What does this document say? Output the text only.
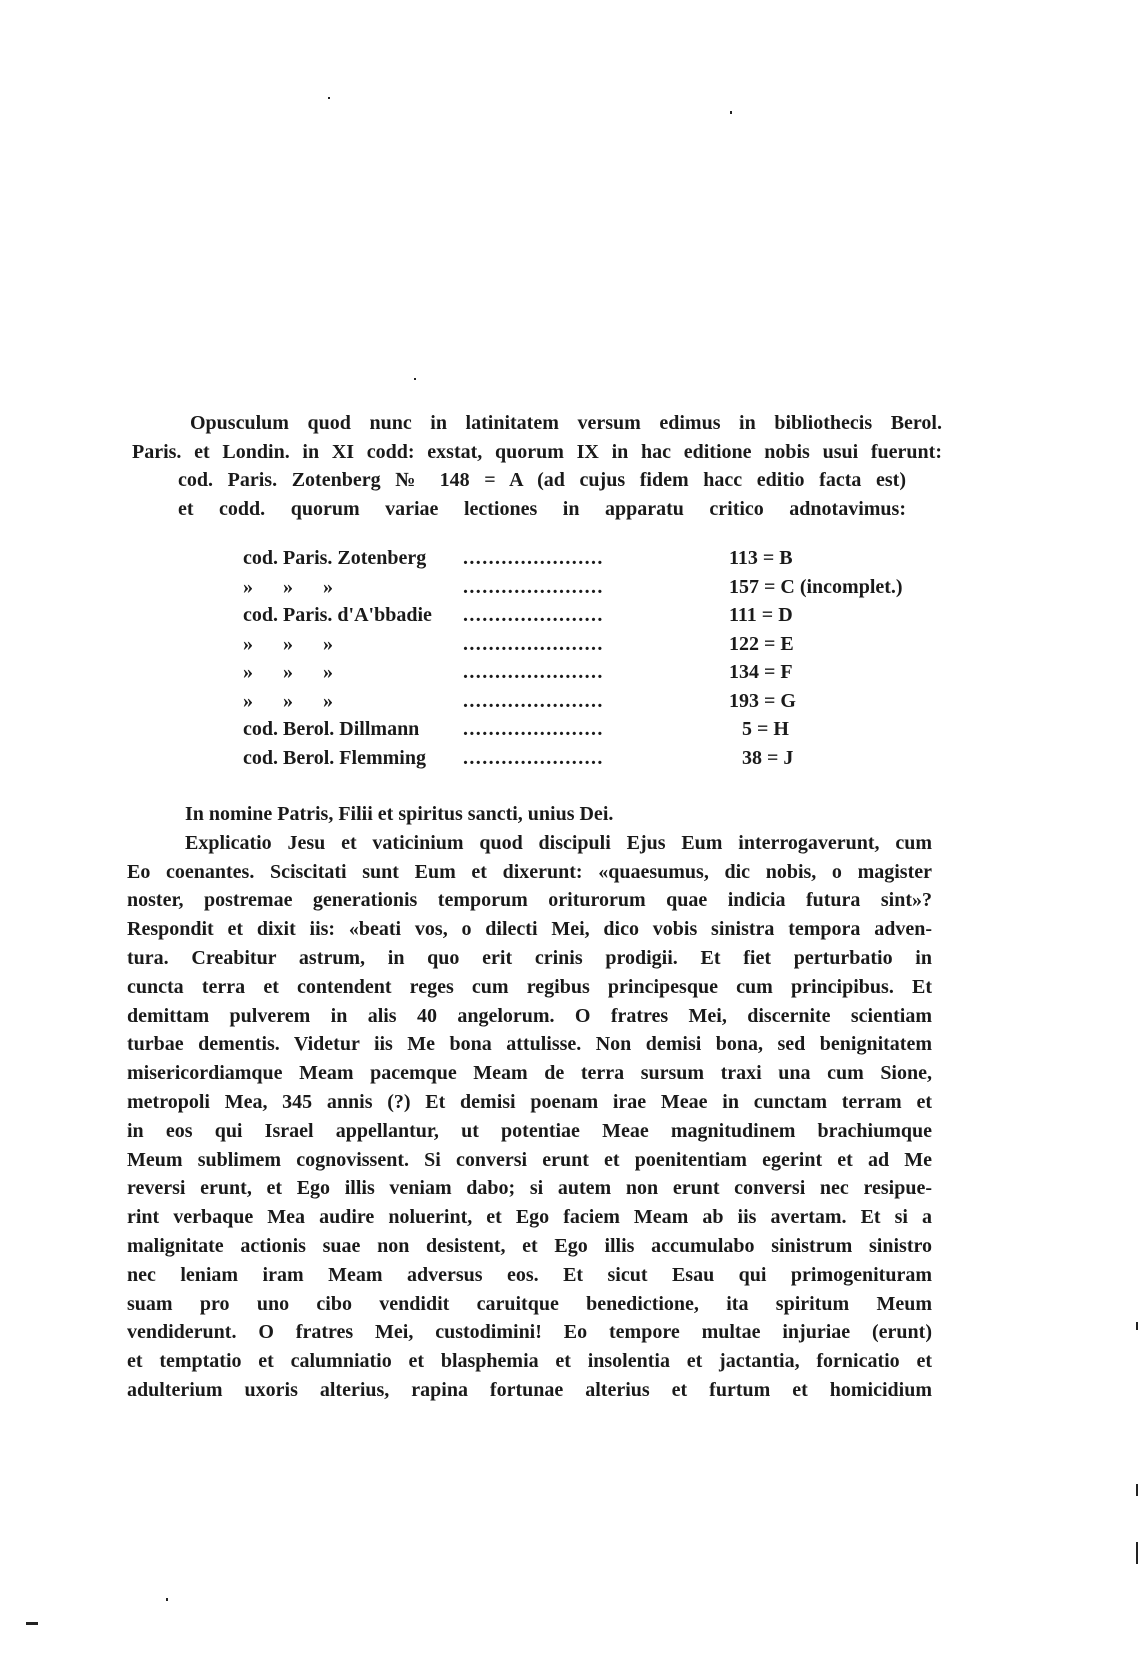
Opusculum quod nunc in latinitatem versum edimus in bibliothecis Berol.
Paris. et Londin. in XI codd: exstat, quorum IX in hac editione nobis usui fuerunt:
cod. Paris. Zotenberg № 148 = A (ad cujus fidem hacc editio facta est)
et codd. quorum variae lectiones in apparatu critico adnotavimus:
cod. Paris. Zotenberg ......................	113 = B
»      »      »	......................	157 = C (incomplet.)
cod. Paris. d'A'bbadie ......................	111 = D
»      »      »	......................	122 = E
»      »      »	......................	134 = F
»      »      »	......................	193 = G
cod. Berol. Dillmann ......................	5 = H
cod. Berol. Flemming ......................	38 = J
In nomine Patris, Filii et spiritus sancti, unius Dei.
Explicatio Jesu et vaticinium quod discipuli Ejus Eum interrogaverunt, cum
Eo coenantes. Sciscitati sunt Eum et dixerunt: «quaesumus, dic nobis, o magister
noster, postremae generationis temporum oriturorum quae indicia futura sint»?
Respondit et dixit iis: «beati vos, o dilecti Mei, dico vobis sinistra tempora adven-
tura. Creabitur astrum, in quo erit crinis prodigii. Et fiet perturbatio in
cuncta terra et contendent reges cum regibus principesque cum principibus. Et
demittam pulverem in alis 40 angelorum. O fratres Mei, discernite scientiam
turbae dementis. Videtur iis Me bona attulisse. Non demisi bona, sed benignitatem
misericordiamque Meam pacemque Meam de terra sursum traxi una cum Sione,
metropoli Mea, 345 annis (?) Et demisi poenam irae Meae in cunctam terram et
in eos qui Israel appellantur, ut potentiae Meae magnitudinem brachiumque
Meum sublimem cognovissent. Si conversi erunt et poenitentiam egerint et ad Me
reversi erunt, et Ego illis veniam dabo; si autem non erunt conversi nec resipue-
rint verbaque Mea audire noluerint, et Ego faciem Meam ab iis avertam. Et si a
malignitate actionis suae non desistent, et Ego illis accumulabo sinistrum sinistro
nec leniam iram Meam adversus eos. Et sicut Esau qui primogenituram
suam pro uno cibo vendidit caruitque benedictione, ita spiritum Meum
vendiderunt. O fratres Mei, custodimini! Eo tempore multae injuriae (erunt)
et temptatio et calumniatio et blasphemia et insolentia et jactantia, fornicatio et
adulterium uxoris alterius, rapina fortunae alterius et furtum et homicidium
